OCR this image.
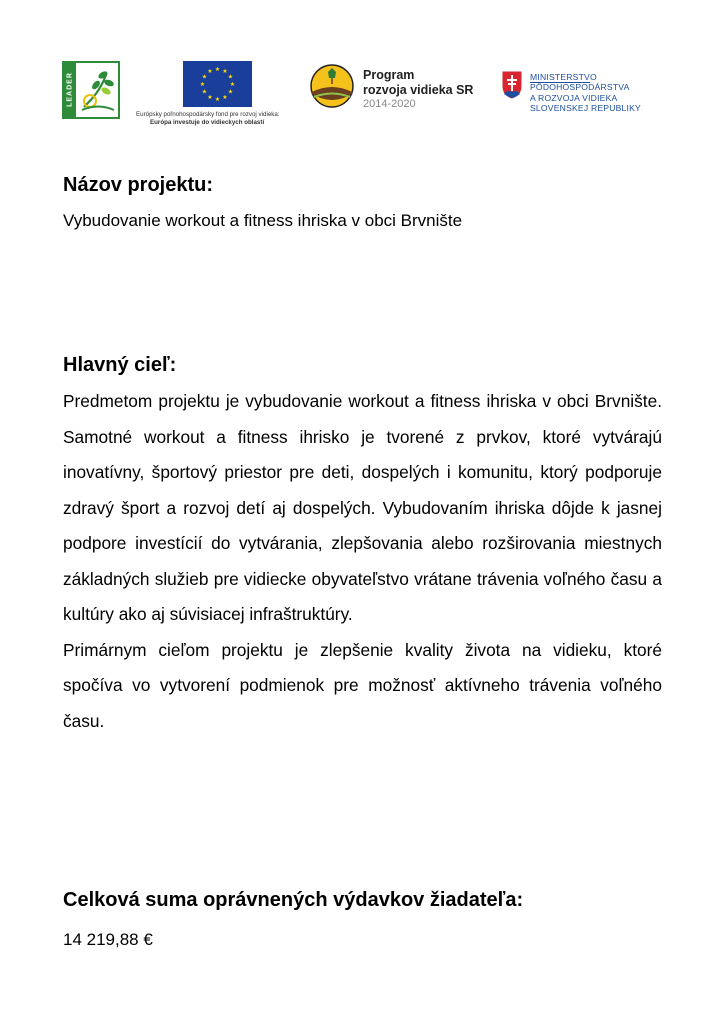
LEADER
★ ★
★
★
★
★
★
★
★
★
★
★
Európsky poľnohospodársky fond pre rozvoj vidieka:
Európa investuje do vidieckych oblastí
Program
rozvoja vidieka SR
2014-2020
MINISTERSTVO
PÔDOHOSPODÁRSTVA
A ROZVOJA VIDIEKA
SLOVENSKEJ REPUBLIKY
Názov projektu:
Vybudovanie workout a fitness ihriska v obci Brvnište
Hlavný cieľ:

Predmetom projektu je vybudovanie workout a fitness ihriska v obci Brvnište. Samotné workout a fitness ihrisko je tvorené z prvkov, ktoré vytvárajú inovatívny, športový priestor pre deti, dospelých i komunitu, ktorý podporuje zdravý šport a rozvoj detí aj dospelých. Vybudovaním ihriska dôjde k jasnej podpore investícií do vytvárania, zlepšovania alebo rozširovania miestnych základných služieb pre vidiecke obyvateľstvo vrátane trávenia voľného času a kultúry ako aj súvisiacej infraštruktúry.

Primárnym cieľom projektu je zlepšenie kvality života na vidieku, ktoré spočíva vo vytvorení podmienok pre možnosť aktívneho trávenia voľného času.

Celková suma oprávnených výdavkov žiadateľa:
14 219,88 €
